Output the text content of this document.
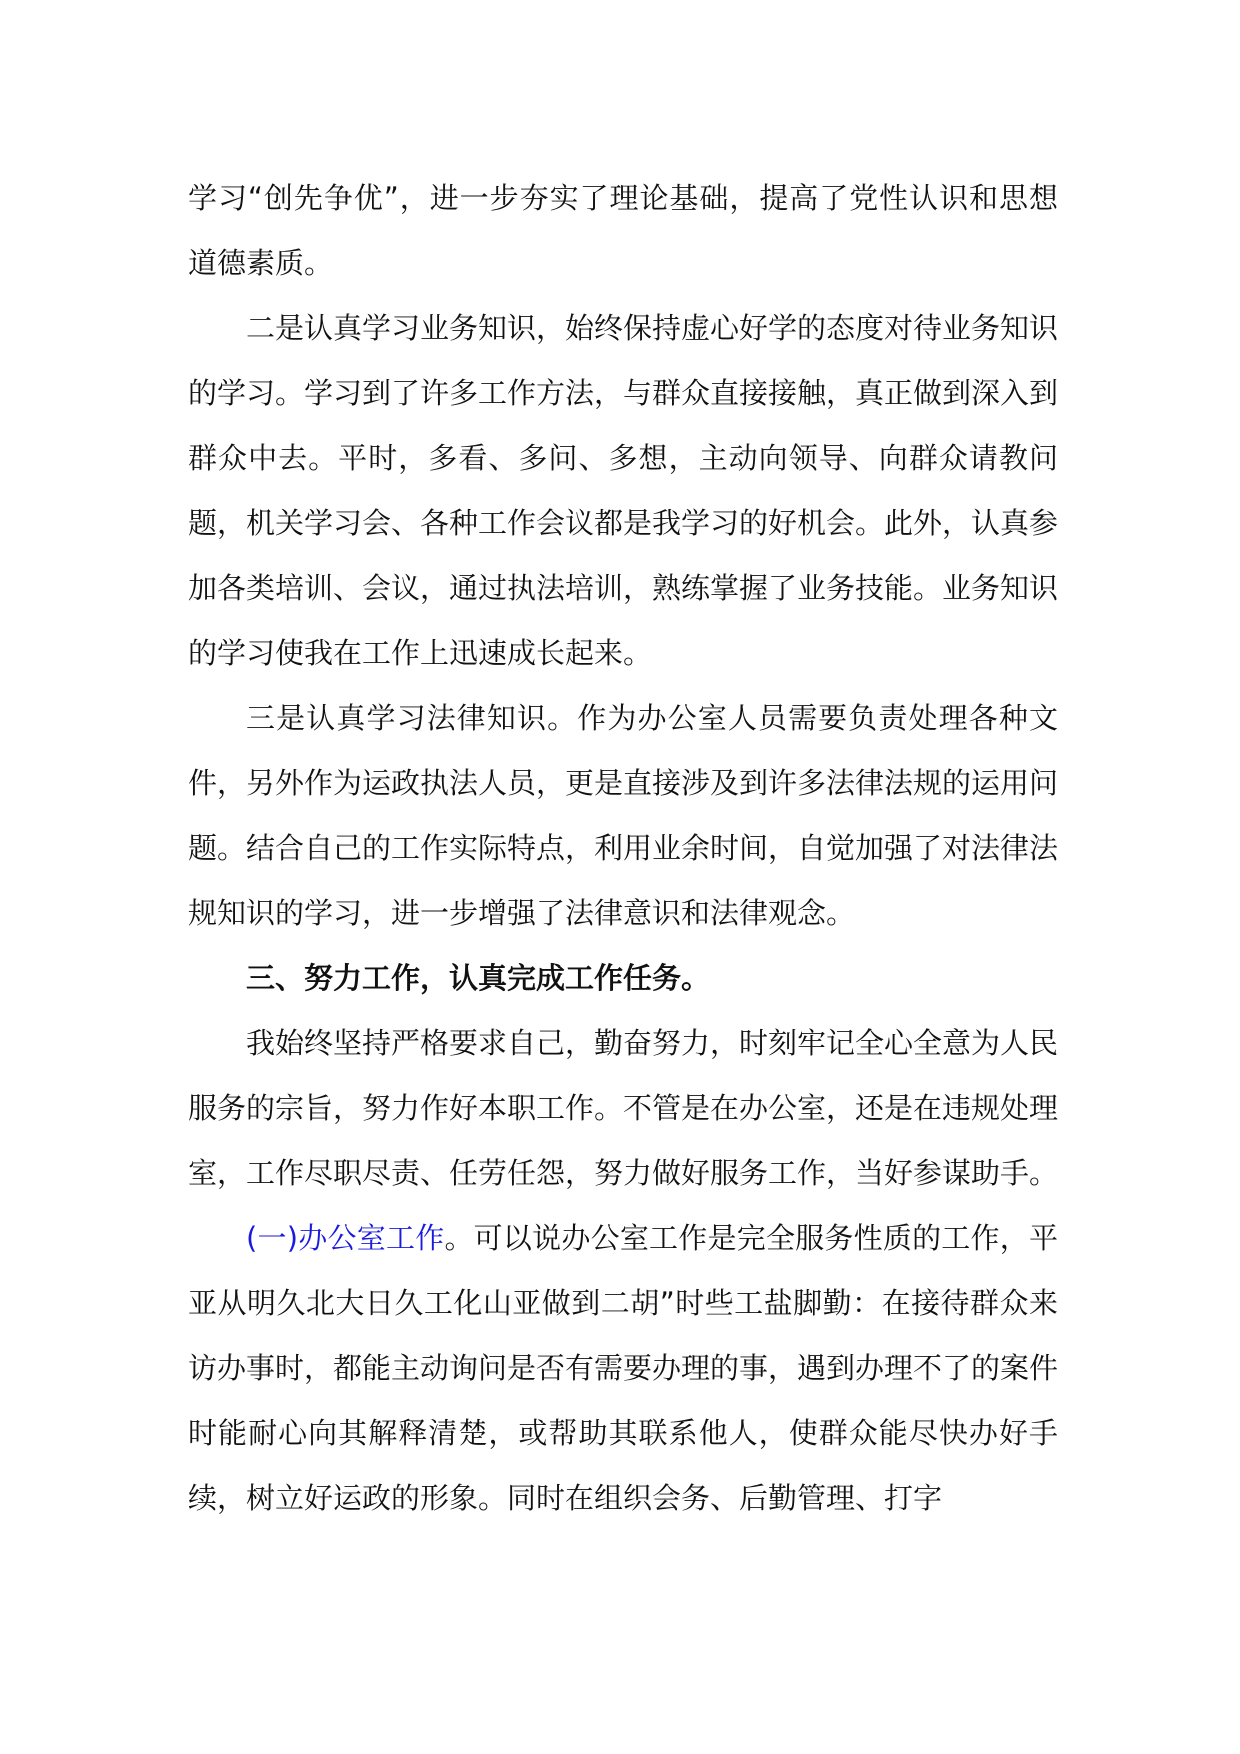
学习“创先争优”，进一步夯实了理论基础，提高了党性认识和思想道德素质。

二是认真学习业务知识，始终保持虚心好学的态度对待业务知识的学习。学习到了许多工作方法，与群众直接接触，真正做到深入到群众中去。平时，多看、多问、多想，主动向领导、向群众请教问题，机关学习会、各种工作会议都是我学习的好机会。此外，认真参加各类培训、会议，通过执法培训，熟练掌握了业务技能。业务知识的学习使我在工作上迅速成长起来。

三是认真学习法律知识。作为办公室人员需要负责处理各种文件，另外作为运政执法人员，更是直接涉及到许多法律法规的运用问题。结合自己的工作实际特点，利用业余时间，自觉加强了对法律法规知识的学习，进一步增强了法律意识和法律观念。

三、努力工作，认真完成工作任务。

我始终坚持严格要求自己，勤奋努力，时刻牢记全心全意为人民服务的宗旨，努力作好本职工作。不管是在办公室，还是在违规处理室，工作尽职尽责、任劳任怨，努力做好服务工作，当好参谋助手。

(一)办公室工作。可以说办公室工作是完全服务性质的工作，平亚从明久北大日久工化山亚做到二胡”时些工盐脚勤：在接待群众来访办事时，都能主动询问是否有需要办理的事，遇到办理不了的案件时能耐心向其解释清楚，或帮助其联系他人，使群众能尽快办好手续，树立好运政的形象。同时在组织会务、后勤管理、打字
